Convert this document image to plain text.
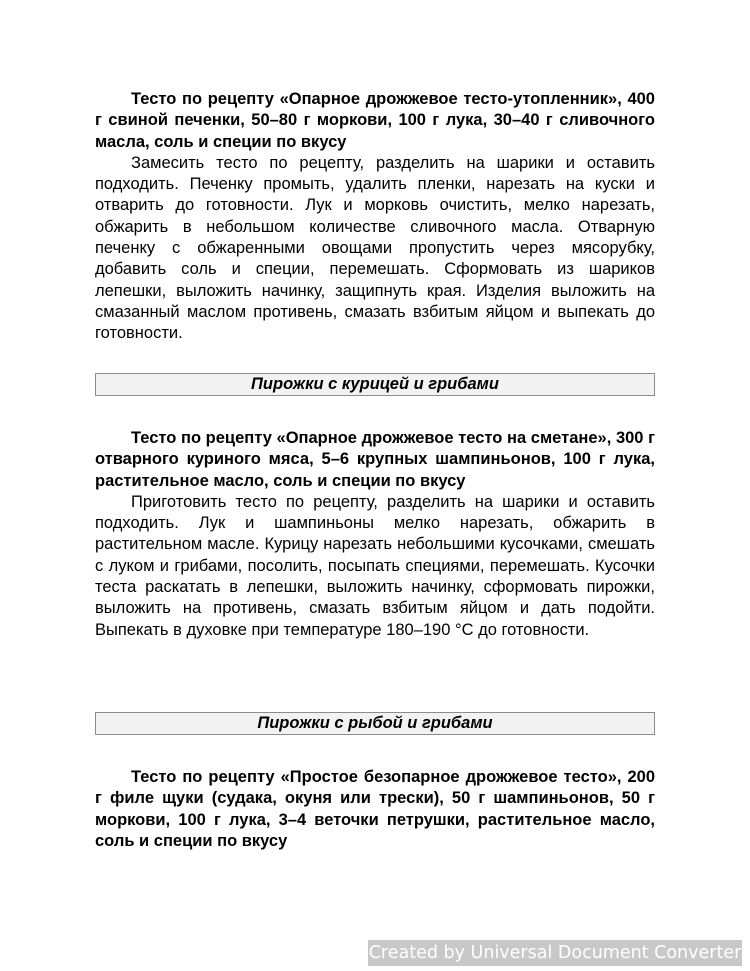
Тесто по рецепту «Опарное дрожжевое тесто-утопленник», 400 г свиной печенки, 50–80 г моркови, 100 г лука, 30–40 г сливочного масла, соль и специи по вкусу

Замесить тесто по рецепту, разделить на шарики и оставить подходить. Печенку промыть, удалить пленки, нарезать на куски и отварить до готовности. Лук и морковь очистить, мелко нарезать, обжарить в небольшом количестве сливочного масла. Отварную печенку с обжаренными овощами пропустить через мясорубку, добавить соль и специи, перемешать. Сформовать из шариков лепешки, выложить начинку, защипнуть края. Изделия выложить на смазанный маслом противень, смазать взбитым яйцом и выпекать до готовности.

Пирожки с курицей и грибами

Тесто по рецепту «Опарное дрожжевое тесто на сметане», 300 г отварного куриного мяса, 5–6 крупных шампиньонов, 100 г лука, растительное масло, соль и специи по вкусу

Приготовить тесто по рецепту, разделить на шарики и оставить подходить. Лук и шампиньоны мелко нарезать, обжарить в растительном масле. Курицу нарезать небольшими кусочками, смешать с луком и грибами, посолить, посыпать специями, перемешать. Кусочки теста раскатать в лепешки, выложить начинку, сформовать пирожки, выложить на противень, смазать взбитым яйцом и дать подойти. Выпекать в духовке при температуре 180–190 °С до готовности.

Пирожки с рыбой и грибами

Тесто по рецепту «Простое безопарное дрожжевое тесто», 200 г филе щуки (судака, окуня или трески), 50 г шампиньонов, 50 г моркови, 100 г лука, 3–4 веточки петрушки, растительное масло, соль и специи по вкусу

Created by Universal Document Converter
